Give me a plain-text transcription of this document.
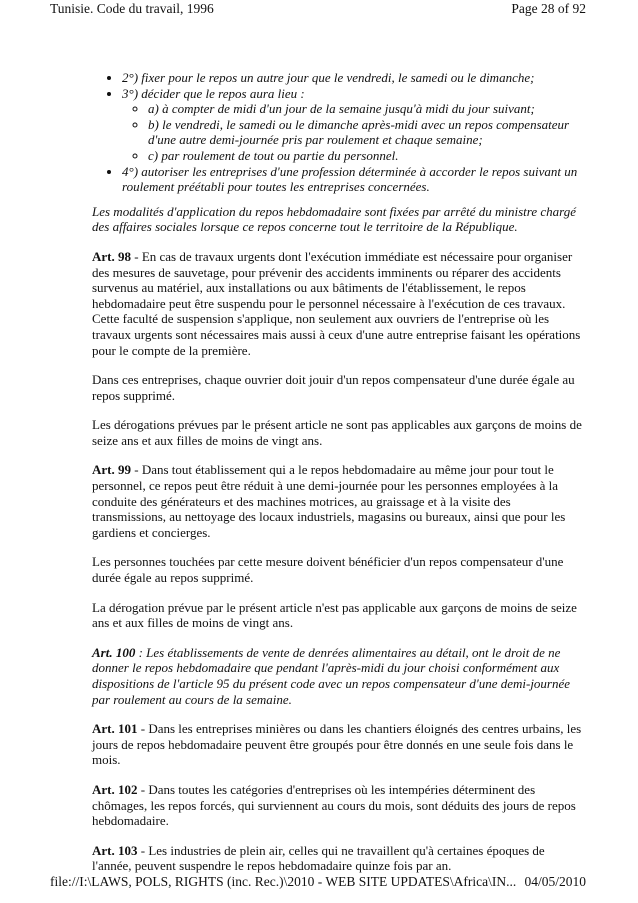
Tunisie. Code du travail, 1996	Page 28 of 92
• 2°) fixer pour le repos un autre jour que le vendredi, le samedi ou le dimanche;
• 3°) décider que le repos aura lieu :
◦ a) à compter de midi d'un jour de la semaine jusqu'à midi du jour suivant;
◦ b) le vendredi, le samedi ou le dimanche après-midi avec un repos compensateur d'une autre demi-journée pris par roulement et chaque semaine;
◦ c) par roulement de tout ou partie du personnel.
• 4°) autoriser les entreprises d'une profession déterminée à accorder le repos suivant un roulement préétabli pour toutes les entreprises concernées.

Les modalités d'application du repos hebdomadaire sont fixées par arrêté du ministre chargé des affaires sociales lorsque ce repos concerne tout le territoire de la République.

Art. 98 - En cas de travaux urgents dont l'exécution immédiate est nécessaire pour organiser des mesures de sauvetage, pour prévenir des accidents imminents ou réparer des accidents survenus au matériel, aux installations ou aux bâtiments de l'établissement, le repos hebdomadaire peut être suspendu pour le personnel nécessaire à l'exécution de ces travaux. Cette faculté de suspension s'applique, non seulement aux ouvriers de l'entreprise où les travaux urgents sont nécessaires mais aussi à ceux d'une autre entreprise faisant les opérations pour le compte de la première.

Dans ces entreprises, chaque ouvrier doit jouir d'un repos compensateur d'une durée égale au repos supprimé.

Les dérogations prévues par le présent article ne sont pas applicables aux garçons de moins de seize ans et aux filles de moins de vingt ans.

Art. 99 - Dans tout établissement qui a le repos hebdomadaire au même jour pour tout le personnel, ce repos peut être réduit à une demi-journée pour les personnes employées à la conduite des générateurs et des machines motrices, au graissage et à la visite des transmissions, au nettoyage des locaux industriels, magasins ou bureaux, ainsi que pour les gardiens et concierges.

Les personnes touchées par cette mesure doivent bénéficier d'un repos compensateur d'une durée égale au repos supprimé.

La dérogation prévue par le présent article n'est pas applicable aux garçons de moins de seize ans et aux filles de moins de vingt ans.

Art. 100 : Les établissements de vente de denrées alimentaires au détail, ont le droit de ne donner le repos hebdomadaire que pendant l'après-midi du jour choisi conformément aux dispositions de l'article 95 du présent code avec un repos compensateur d'une demi-journée par roulement au cours de la semaine.

Art. 101 - Dans les entreprises minières ou dans les chantiers éloignés des centres urbains, les jours de repos hebdomadaire peuvent être groupés pour être donnés en une seule fois dans le mois.

Art. 102 - Dans toutes les catégories d'entreprises où les intempéries déterminent des chômages, les repos forcés, qui surviennent au cours du mois, sont déduits des jours de repos hebdomadaire.

Art. 103 - Les industries de plein air, celles qui ne travaillent qu'à certaines époques de l'année, peuvent suspendre le repos hebdomadaire quinze fois par an.

file://I:\LAWS, POLS, RIGHTS (inc. Rec.)\2010 - WEB SITE UPDATES\Africa\IN... 04/05/2010
